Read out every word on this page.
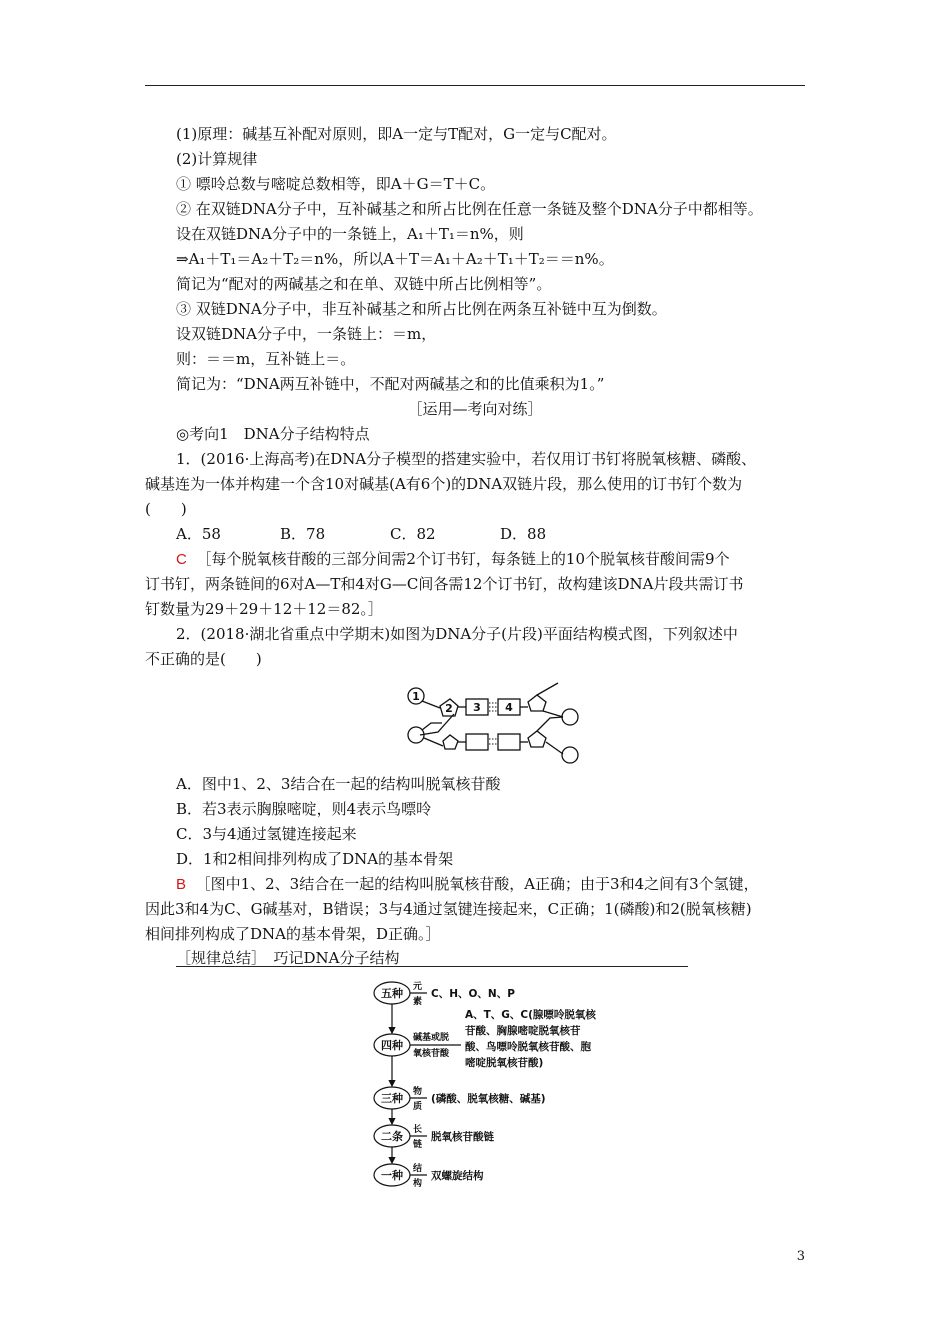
(1)原理：碱基互补配对原则，即A一定与T配对，G一定与C配对。
(2)计算规律
① 嘌呤总数与嘧啶总数相等，即A＋G＝T＋C。
② 在双链DNA分子中，互补碱基之和所占比例在任意一条链及整个DNA分子中都相等。
设在双链DNA分子中的一条链上，A₁＋T₁＝n%，则
⇒A₁＋T₁＝A₂＋T₂＝n%，所以A＋T＝A₁＋A₂＋T₁＋T₂＝＝n%。
简记为“配对的两碱基之和在单、双链中所占比例相等”。
③ 双链DNA分子中，非互补碱基之和所占比例在两条互补链中互为倒数。
设双链DNA分子中，一条链上：＝m，
则：＝＝m，互补链上＝。
简记为：“DNA两互补链中，不配对两碱基之和的比值乘积为1。”
［运用—考向对练］
◎考向1　DNA分子结构特点
1．(2016·上海高考)在DNA分子模型的搭建实验中，若仅用订书钉将脱氧核糖、磷酸、
碱基连为一体并构建一个含10对碱基(A有6个)的DNA双链片段，那么使用的订书钉个数为
(　　)
A．58	B．78	C．82	D．88
C ［每个脱氧核苷酸的三部分间需2个订书钉，每条链上的10个脱氧核苷酸间需9个
订书钉，两条链间的6对A—T和4对G—C间各需12个订书钉，故构建该DNA片段共需订书
钉数量为29＋29＋12＋12＝82。］
2．(2018·湖北省重点中学期末)如图为DNA分子(片段)平面结构模式图，下列叙述中
不正确的是(　　)
1
2 3 4
A．图中1、2、3结合在一起的结构叫脱氧核苷酸
B．若3表示胸腺嘧啶，则4表示鸟嘌呤
C．3与4通过氢键连接起来
D．1和2相间排列构成了DNA的基本骨架
B ［图中1、2、3结合在一起的结构叫脱氧核苷酸，A正确；由于3和4之间有3个氢键，
因此3和4为C、G碱基对，B错误；3与4通过氢键连接起来，C正确；1(磷酸)和2(脱氧核糖)
相间排列构成了DNA的基本骨架，D正确。］
［规律总结］　巧记DNA分子结构
五种
四种
三种
二条
一种
元
素
碱基或脱
氧核苷酸
物
质
长
链
结
构
C、H、O、N、P
A、T、G、C(腺嘌呤脱氧核
苷酸、胸腺嘧啶脱氧核苷
酸、鸟嘌呤脱氧核苷酸、胞
嘧啶脱氧核苷酸)
(磷酸、脱氧核糖、碱基)
脱氧核苷酸链
双螺旋结构
3
